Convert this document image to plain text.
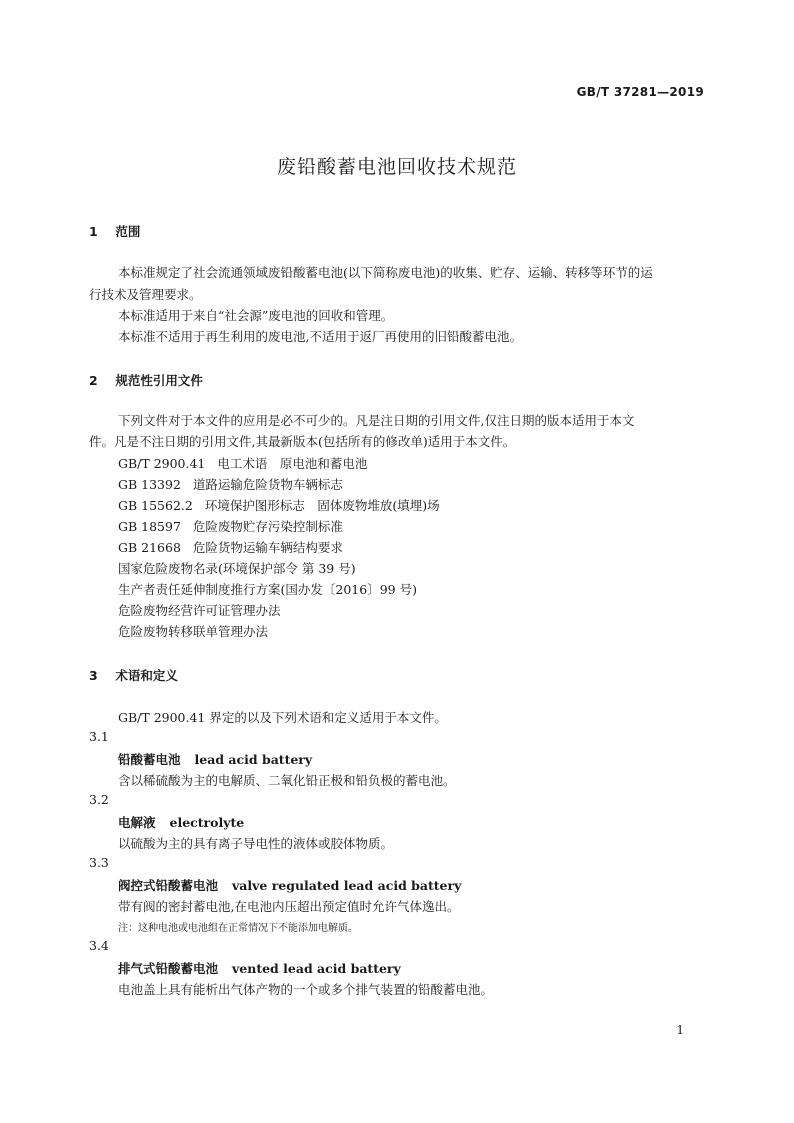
GB/T 37281—2019
废铅酸蓄电池回收技术规范
1 范围
本标准规定了社会流通领域废铅酸蓄电池(以下简称废电池)的收集、贮存、运输、转移等环节的运
行技术及管理要求。
本标准适用于来自“社会源”废电池的回收和管理。
本标准不适用于再生利用的废电池,不适用于返厂再使用的旧铅酸蓄电池。
2 规范性引用文件
下列文件对于本文件的应用是必不可少的。凡是注日期的引用文件,仅注日期的版本适用于本文
件。凡是不注日期的引用文件,其最新版本(包括所有的修改单)适用于本文件。
GB/T 2900.41 电工术语　原电池和蓄电池
GB 13392 道路运输危险货物车辆标志
GB 15562.2 环境保护图形标志　固体废物堆放(填埋)场
GB 18597 危险废物贮存污染控制标准
GB 21668 危险货物运输车辆结构要求
国家危险废物名录(环境保护部令 第 39 号)
生产者责任延伸制度推行方案(国办发〔2016〕99 号)
危险废物经营许可证管理办法
危险废物转移联单管理办法
3 术语和定义
GB/T 2900.41 界定的以及下列术语和定义适用于本文件。
3.1
铅酸蓄电池 lead acid battery
含以稀硫酸为主的电解质、二氧化铅正极和铅负极的蓄电池。
3.2
电解液 electrolyte
以硫酸为主的具有离子导电性的液体或胶体物质。
3.3
阀控式铅酸蓄电池 valve regulated lead acid battery
带有阀的密封蓄电池,在电池内压超出预定值时允许气体逸出。
注：这种电池或电池组在正常情况下不能添加电解质。
3.4
排气式铅酸蓄电池 vented lead acid battery
电池盖上具有能析出气体产物的一个或多个排气装置的铅酸蓄电池。
1
